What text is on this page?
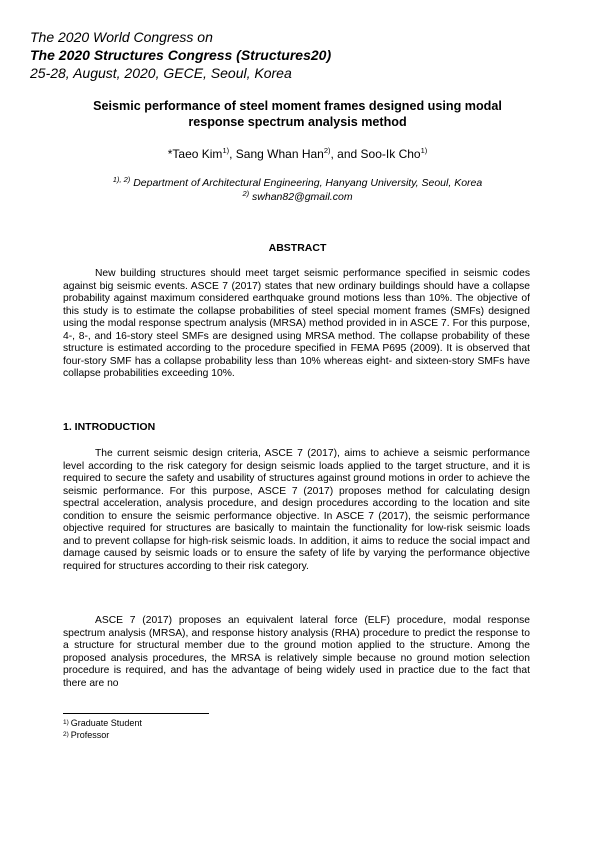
The 2020 World Congress on
The 2020 Structures Congress (Structures20)
25-28, August, 2020, GECE, Seoul, Korea
Seismic performance of steel moment frames designed using modal
response spectrum analysis method
*Taeo Kim$^{1)}$, Sang Whan Han$^{2)}$, and Soo-Ik Cho$^{1)}$
$^{1), 2)}$ Department of Architectural Engineering, Hanyang University, Seoul, Korea
$^{2)}$ swhan82@gmail.com
ABSTRACT

New building structures should meet target seismic performance specified in seismic codes against big seismic events. ASCE 7 (2017) states that new ordinary buildings should have a collapse probability against maximum considered earthquake ground motions less than 10%. The objective of this study is to estimate the collapse probabilities of steel special moment frames (SMFs) designed using the modal response spectrum analysis (MRSA) method provided in in ASCE 7. For this purpose, 4-, 8-, and 16-story steel SMFs are designed using MRSA method. The collapse probability of these structure is estimated according to the procedure specified in FEMA P695 (2009). It is observed that four-story SMF has a collapse probability less than 10% whereas eight- and sixteen-story SMFs have collapse probabilities exceeding 10%.

1. INTRODUCTION

The current seismic design criteria, ASCE 7 (2017), aims to achieve a seismic performance level according to the risk category for design seismic loads applied to the target structure, and it is required to secure the safety and usability of structures against ground motions in order to achieve the seismic performance. For this purpose, ASCE 7 (2017) proposes method for calculating design spectral acceleration, analysis procedure, and design procedures according to the location and site condition to ensure the seismic performance objective. In ASCE 7 (2017), the seismic performance objective required for structures are basically to maintain the functionality for low-risk seismic loads and to prevent collapse for high-risk seismic loads. In addition, it aims to reduce the social impact and damage caused by seismic loads or to ensure the safety of life by varying the performance objective required for structures according to their risk category.

ASCE 7 (2017) proposes an equivalent lateral force (ELF) procedure, modal response spectrum analysis (MRSA), and response history analysis (RHA) procedure to predict the response to a structure for structural member due to the ground motion applied to the structure. Among the proposed analysis procedures, the MRSA is relatively simple because no ground motion selection procedure is required, and has the advantage of being widely used in practice due to the fact that there are no

$^{1)}$ Graduate Student
$^{2)}$ Professor
